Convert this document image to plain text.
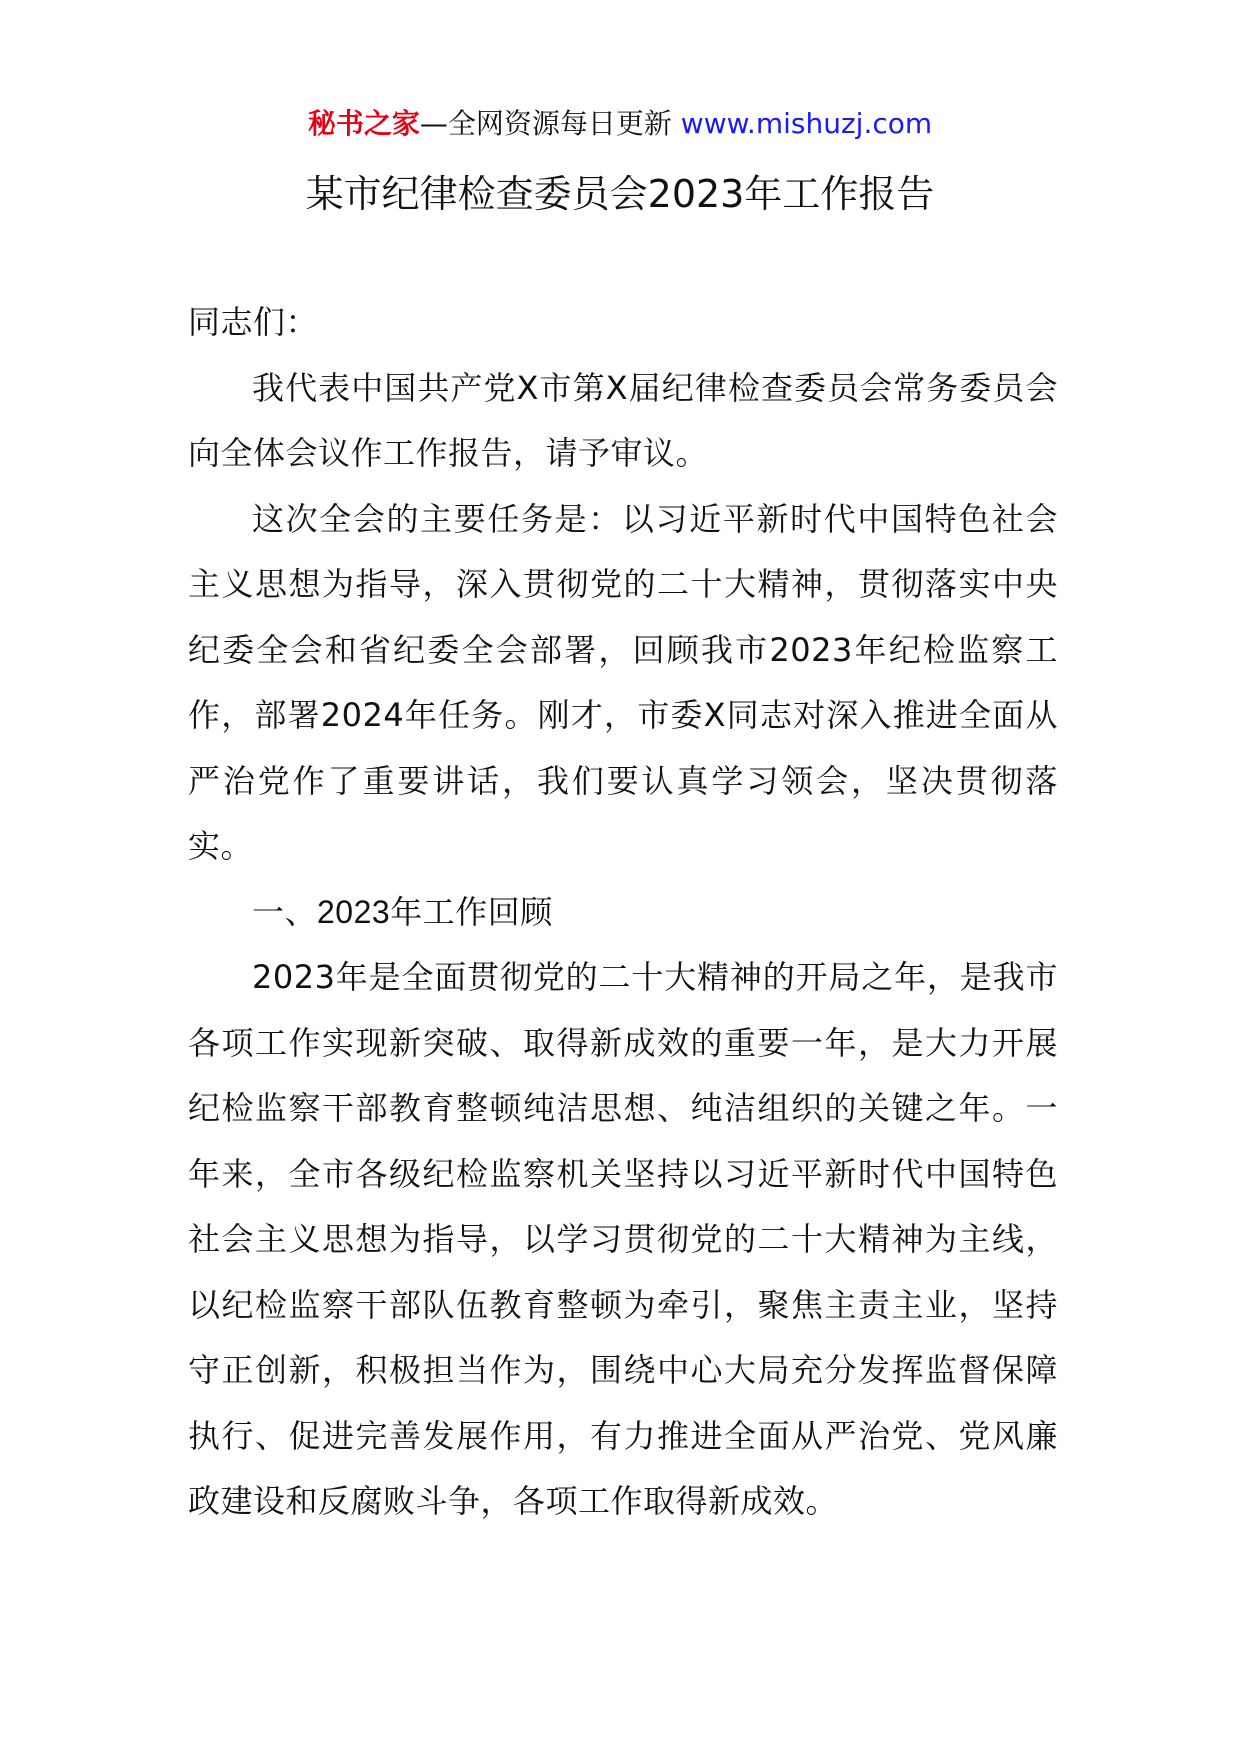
秘书之家—全网资源每日更新 www.mishuzj.com
某市纪律检查委员会2023年工作报告

同志们：

我代表中国共产党X市第X届纪律检查委员会常务委员会向全体会议作工作报告，请予审议。

这次全会的主要任务是：以习近平新时代中国特色社会主义思想为指导，深入贯彻党的二十大精神，贯彻落实中央纪委全会和省纪委全会部署，回顾我市2023年纪检监察工作，部署2024年任务。刚才，市委X同志对深入推进全面从严治党作了重要讲话，我们要认真学习领会，坚决贯彻落实。

一、2023年工作回顾

2023年是全面贯彻党的二十大精神的开局之年，是我市各项工作实现新突破、取得新成效的重要一年，是大力开展纪检监察干部教育整顿纯洁思想、纯洁组织的关键之年。一年来，全市各级纪检监察机关坚持以习近平新时代中国特色社会主义思想为指导，以学习贯彻党的二十大精神为主线，以纪检监察干部队伍教育整顿为牵引，聚焦主责主业，坚持守正创新，积极担当作为，围绕中心大局充分发挥监督保障执行、促进完善发展作用，有力推进全面从严治党、党风廉政建设和反腐败斗争，各项工作取得新成效。
